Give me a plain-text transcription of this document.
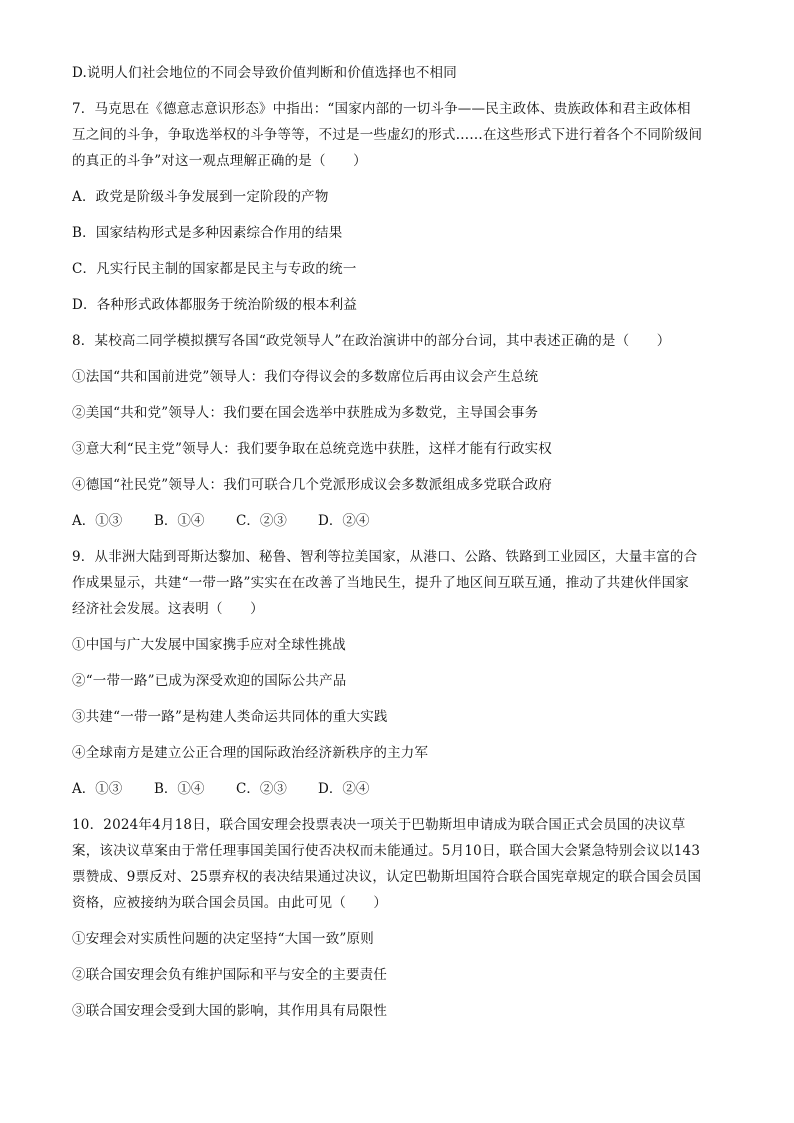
D.说明人们社会地位的不同会导致价值判断和价值选择也不相同
7．马克思在《德意志意识形态》中指出：“国家内部的一切斗争——民主政体、贵族政体和君主政体相
互之间的斗争，争取选举权的斗争等等，不过是一些虚幻的形式……在这些形式下进行着各个不同阶级间
的真正的斗争”对这一观点理解正确的是（　　）
A．政党是阶级斗争发展到一定阶段的产物
B．国家结构形式是多种因素综合作用的结果
C．凡实行民主制的国家都是民主与专政的统一
D．各种形式政体都服务于统治阶级的根本利益
8．某校高二同学模拟撰写各国“政党领导人”在政治演讲中的部分台词，其中表述正确的是（　　）
①法国“共和国前进党”领导人：我们夺得议会的多数席位后再由议会产生总统
②美国“共和党”领导人：我们要在国会选举中获胜成为多数党，主导国会事务
③意大利“民主党”领导人：我们要争取在总统竞选中获胜，这样才能有行政实权
④德国“社民党”领导人：我们可联合几个党派形成议会多数派组成多党联合政府
A．①③ B．①④ C．②③ D．②④
9．从非洲大陆到哥斯达黎加、秘鲁、智利等拉美国家，从港口、公路、铁路到工业园区，大量丰富的合
作成果显示，共建“一带一路”实实在在改善了当地民生，提升了地区间互联互通，推动了共建伙伴国家
经济社会发展。这表明（　　）
①中国与广大发展中国家携手应对全球性挑战
②“一带一路”已成为深受欢迎的国际公共产品
③共建“一带一路”是构建人类命运共同体的重大实践
④全球南方是建立公正合理的国际政治经济新秩序的主力军
A．①③ B．①④ C．②③ D．②④
10．2024年4月18日，联合国安理会投票表决一项关于巴勒斯坦申请成为联合国正式会员国的决议草
案，该决议草案由于常任理事国美国行使否决权而未能通过。5月10日，联合国大会紧急特别会议以143
票赞成、9票反对、25票弃权的表决结果通过决议，认定巴勒斯坦国符合联合国宪章规定的联合国会员国
资格，应被接纳为联合国会员国。由此可见（　　）
①安理会对实质性问题的决定坚持“大国一致”原则
②联合国安理会负有维护国际和平与安全的主要责任
③联合国安理会受到大国的影响，其作用具有局限性
